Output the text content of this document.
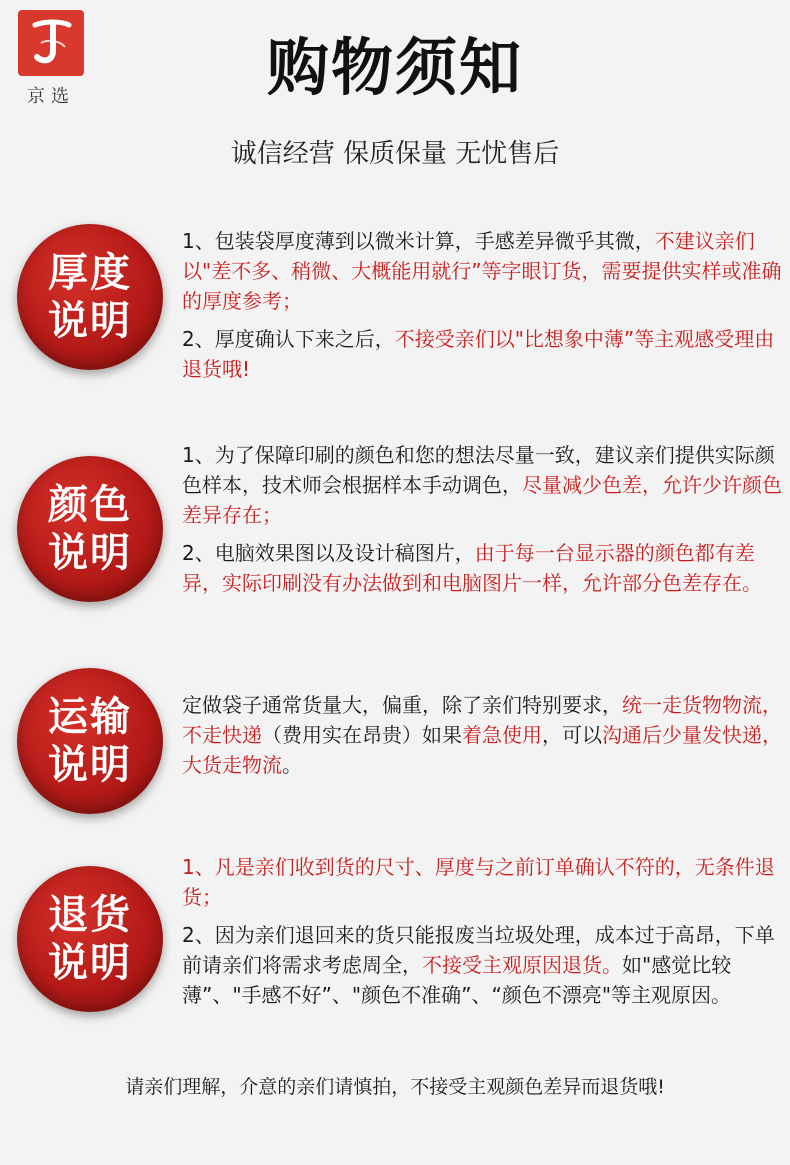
京选	购物须知
诚信经营 保质保量 无忧售后
厚度
说明

1、包装袋厚度薄到以微米计算，手感差异微乎其微，不建议亲们以"差不多、稍微、大概能用就行”等字眼订货，需要提供实样或准确的厚度参考；

2、厚度确认下来之后，不接受亲们以"比想象中薄”等主观感受理由退货哦!

颜色
说明

1、为了保障印刷的颜色和您的想法尽量一致，建议亲们提供实际颜色样本，技术师会根据样本手动调色，尽量减少色差，允许少许颜色差异存在；

2、电脑效果图以及设计稿图片，由于每一台显示器的颜色都有差异，实际印刷没有办法做到和电脑图片一样，允许部分色差存在。

运输
说明

定做袋子通常货量大，偏重，除了亲们特别要求，统一走货物物流，不走快递（费用实在昂贵）如果着急使用，可以沟通后少量发快递，大货走物流。

退货
说明

1、凡是亲们收到货的尺寸、厚度与之前订单确认不符的，无条件退货；

2、因为亲们退回来的货只能报废当垃圾处理，成本过于高昂，下单前请亲们将需求考虑周全，不接受主观原因退货。如"感觉比较薄”、"手感不好”、"颜色不准确”、“颜色不漂亮"等主观原因。

请亲们理解，介意的亲们请慎拍，不接受主观颜色差异而退货哦!
